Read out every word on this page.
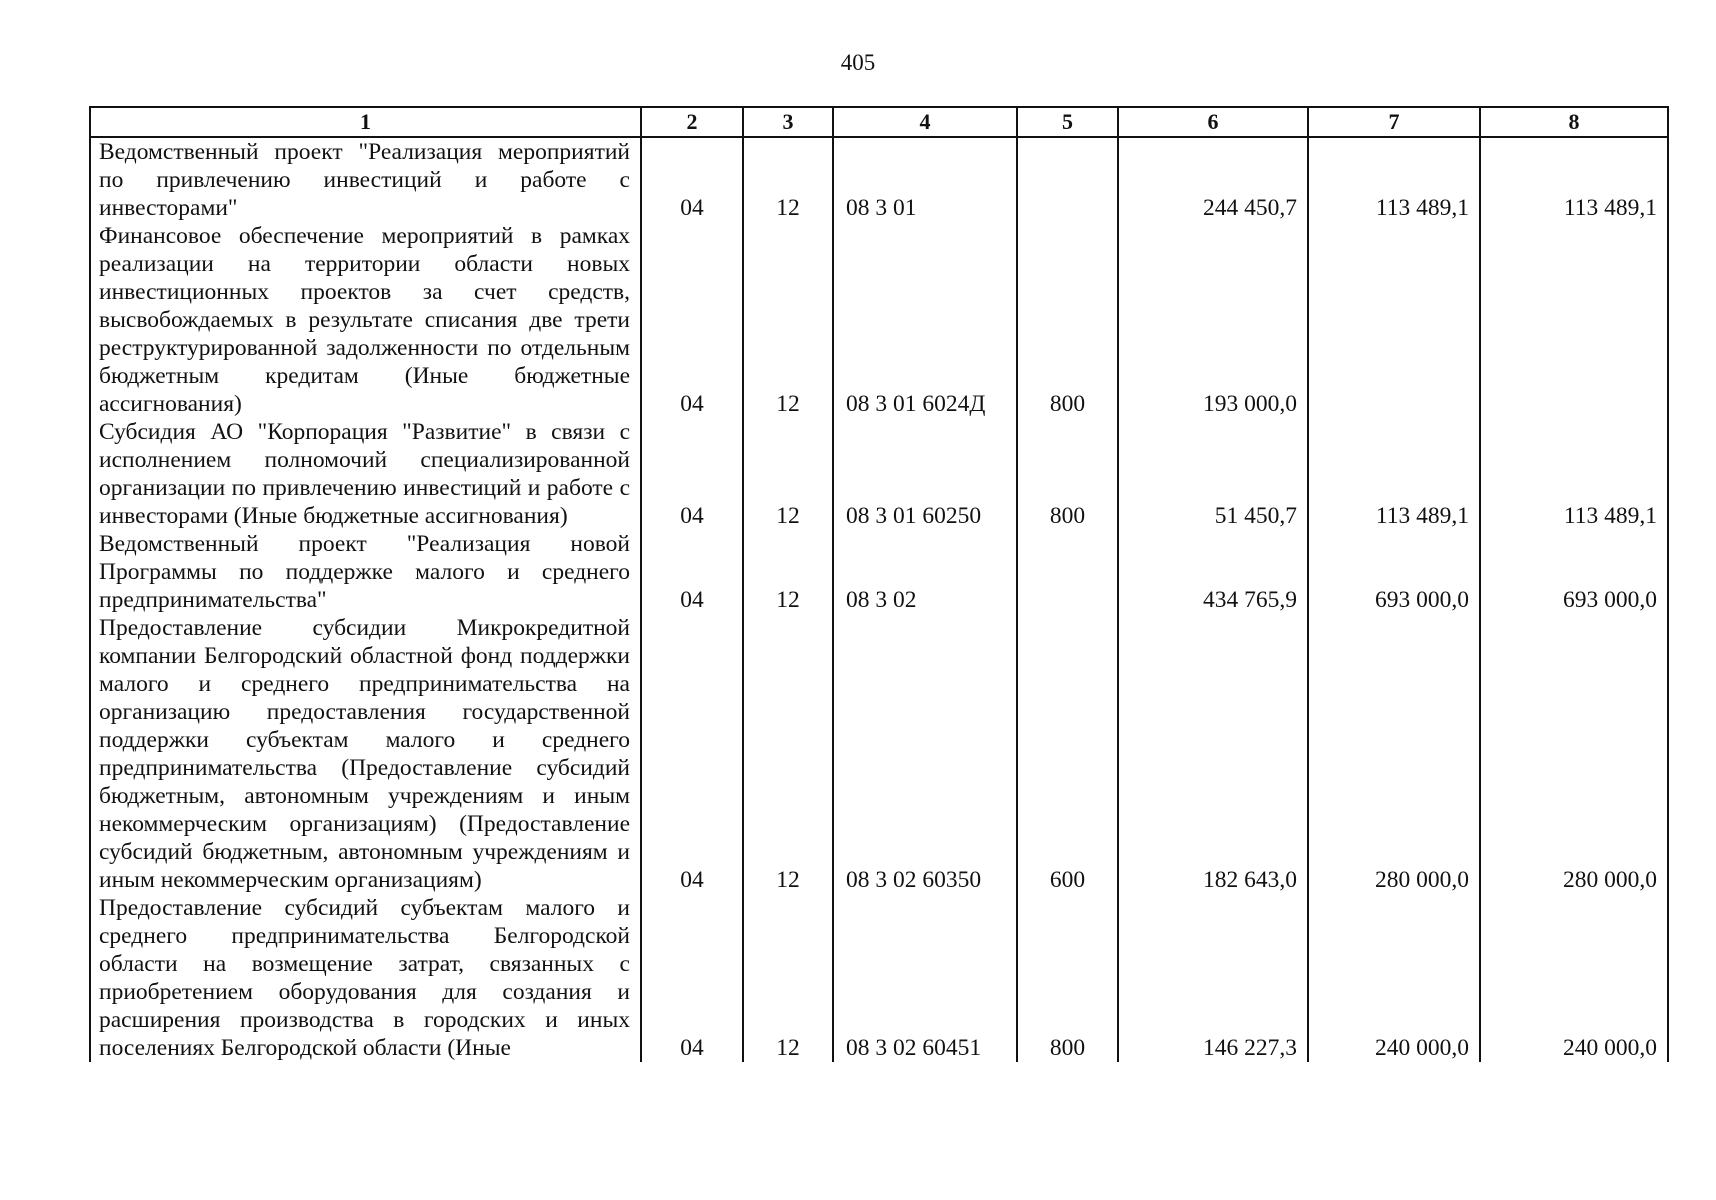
405
1	2	3	4	5	6	7	8
Ведомственный проект "Реализация мероприятий по привлечению инвестиций и работе с инвесторами"	04	12	08 3 01		244 450,7	113 489,1	113 489,1
Финансовое обеспечение мероприятий в рамках реализации на территории области новых инвестиционных проектов за счет средств, высвобождаемых в результате списания две трети реструктурированной задолженности по отдельным бюджетным кредитам (Иные бюджетные ассигнования)	04	12	08 3 01 6024Д	800	193 000,0		
Субсидия АО "Корпорация "Развитие" в связи с исполнением полномочий специализированной организации по привлечению инвестиций и работе с инвесторами (Иные бюджетные ассигнования)	04	12	08 3 01 60250	800	51 450,7	113 489,1	113 489,1
Ведомственный проект "Реализация новой Программы по поддержке малого и среднего предпринимательства"	04	12	08 3 02		434 765,9	693 000,0	693 000,0
Предоставление субсидии Микрокредитной компании Белгородский областной фонд поддержки малого и среднего предпринимательства на организацию предоставления государственной поддержки субъектам малого и среднего предпринимательства (Предоставление субсидий бюджетным, автономным учреждениям и иным некоммерческим организациям) (Предоставление субсидий бюджетным, автономным учреждениям и иным некоммерческим организациям)	04	12	08 3 02 60350	600	182 643,0	280 000,0	280 000,0
Предоставление субсидий субъектам малого и среднего предпринимательства Белгородской области на возмещение затрат, связанных с приобретением оборудования для создания и расширения производства в городских и иных поселениях Белгородской области (Иные	04	12	08 3 02 60451	800	146 227,3	240 000,0	240 000,0
